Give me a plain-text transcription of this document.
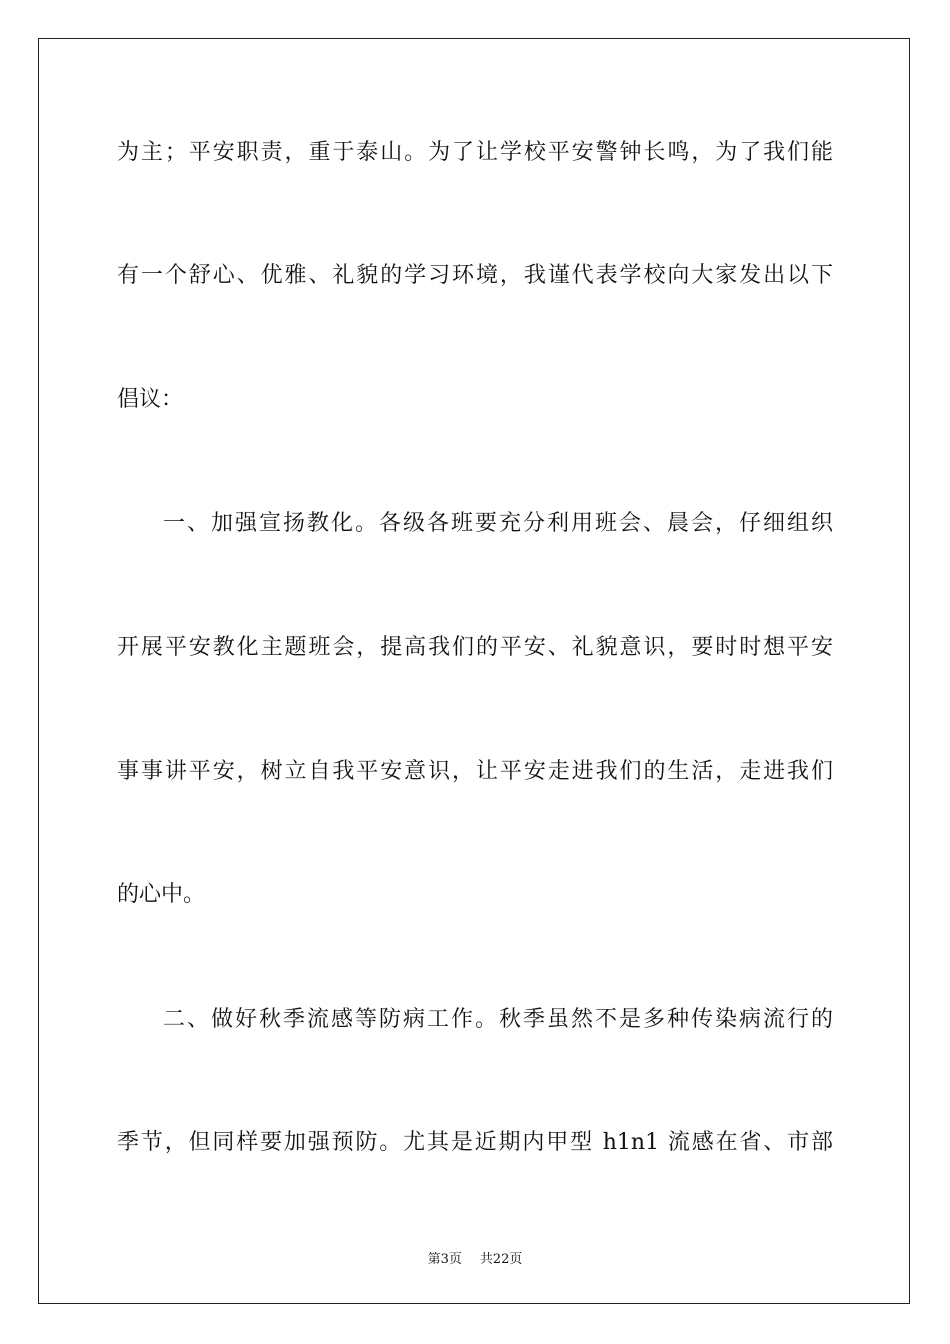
为主；平安职责，重于泰山。为了让学校平安警钟长鸣，为了我们能
有一个舒心、优雅、礼貌的学习环境，我谨代表学校向大家发出以下
倡议：
一、加强宣扬教化。各级各班要充分利用班会、晨会，仔细组织
开展平安教化主题班会，提高我们的平安、礼貌意识，要时时想平安
事事讲平安，树立自我平安意识，让平安走进我们的生活，走进我们
的心中。
二、做好秋季流感等防病工作。秋季虽然不是多种传染病流行的
季节，但同样要加强预防。尤其是近期内甲型 h1n1 流感在省、市部
第3页 共22页
